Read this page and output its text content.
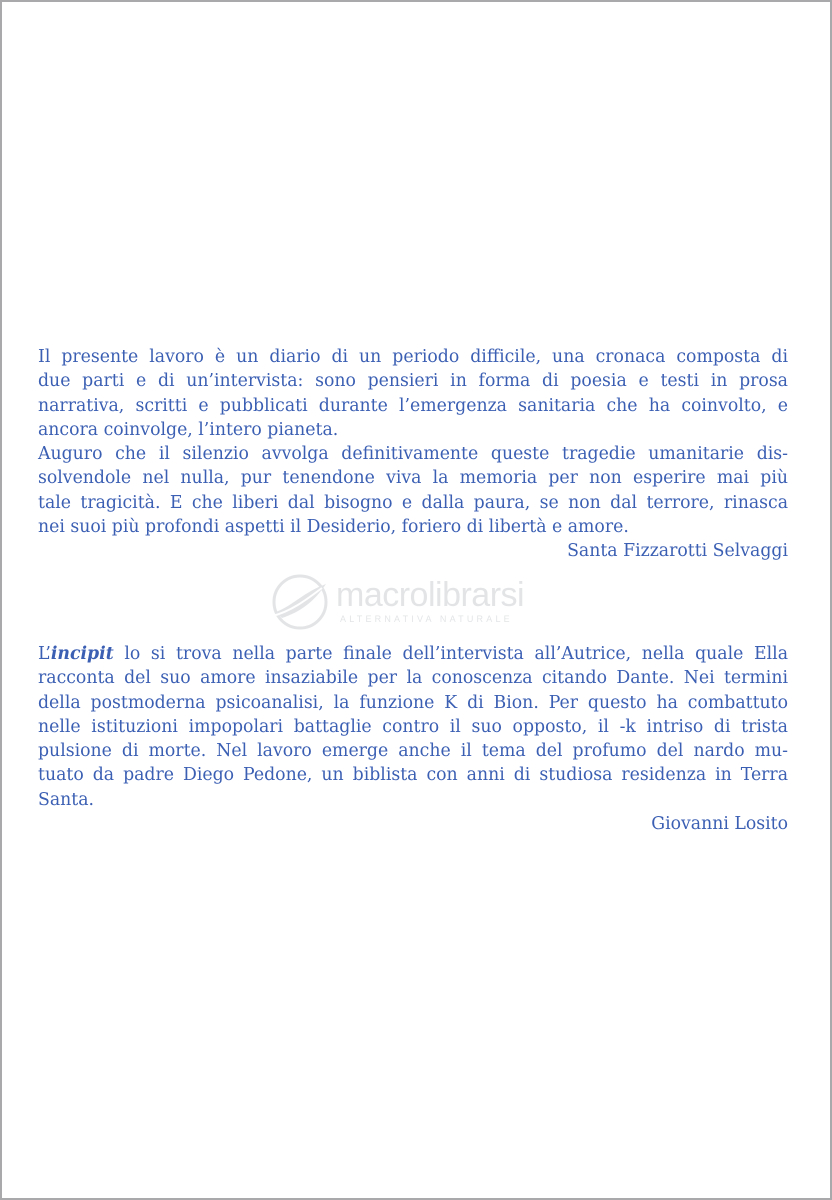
Il presente lavoro è un diario di un periodo difficile, una cronaca composta di
due parti e di un’intervista: sono pensieri in forma di poesia e testi in prosa
narrativa, scritti e pubblicati durante l’emergenza sanitaria che ha coinvolto, e
ancora coinvolge, l’intero pianeta.
Auguro che il silenzio avvolga definitivamente queste tragedie umanitarie dis-
solvendole nel nulla, pur tenendone viva la memoria per non esperire mai più
tale tragicità. E che liberi dal bisogno e dalla paura, se non dal terrore, rinasca
nei suoi più profondi aspetti il Desiderio, foriero di libertà e amore.
Santa Fizzarotti Selvaggi
macrolibrarsi
ALTERNATIVA NATURALE
L’incipit lo si trova nella parte finale dell’intervista all’Autrice, nella quale Ella
racconta del suo amore insaziabile per la conoscenza citando Dante. Nei termini
della postmoderna psicoanalisi, la funzione K di Bion. Per questo ha combattuto
nelle istituzioni impopolari battaglie contro il suo opposto, il -k intriso di trista
pulsione di morte. Nel lavoro emerge anche il tema del profumo del nardo mu-
tuato da padre Diego Pedone, un biblista con anni di studiosa residenza in Terra
Santa.
Giovanni Losito
